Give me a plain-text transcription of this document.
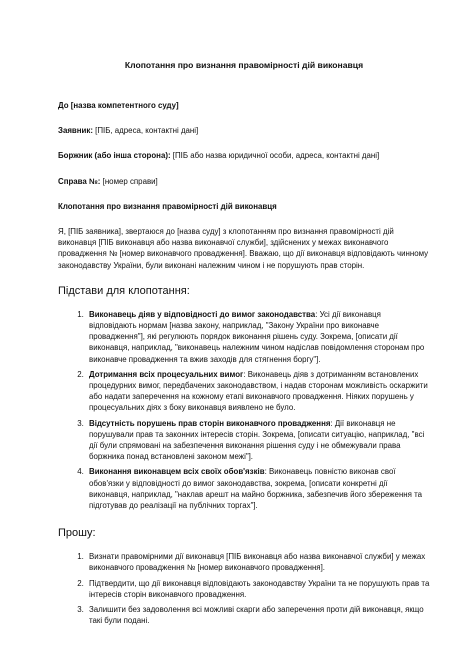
Клопотання про визнання правомірності дій виконавця

До [назва компетентного суду]

Заявник: [ПІБ, адреса, контактні дані]

Боржник (або інша сторона): [ПІБ або назва юридичної особи, адреса, контактні дані]

Справа №: [номер справи]

Клопотання про визнання правомірності дій виконавця

Я, [ПІБ заявника], звертаюся до [назва суду] з клопотанням про визнання правомірності дій виконавця [ПІБ виконавця або назва виконавчої служби], здійснених у межах виконавчого провадження № [номер виконавчого провадження]. Вважаю, що дії виконавця відповідають чинному законодавству України, були виконані належним чином і не порушують прав сторін.

Підстави для клопотання:
1. Виконавець діяв у відповідності до вимог законодавства: Усі дії виконавця відповідають нормам [назва закону, наприклад, "Закону України про виконавче провадження"], які регулюють порядок виконання рішень суду. Зокрема, [описати дії виконавця, наприклад, "виконавець належним чином надіслав повідомлення сторонам про виконавче провадження та вжив заходів для стягнення боргу"].
2. Дотримання всіх процесуальних вимог: Виконавець діяв з дотриманням встановлених процедурних вимог, передбачених законодавством, і надав сторонам можливість оскаржити або надати заперечення на кожному етапі виконавчого провадження. Ніяких порушень у процесуальних діях з боку виконавця виявлено не було.
3. Відсутність порушень прав сторін виконавчого провадження: Дії виконавця не порушували прав та законних інтересів сторін. Зокрема, [описати ситуацію, наприклад, "всі дії були спрямовані на забезпечення виконання рішення суду і не обмежували права боржника понад встановлені законом межі"].
4. Виконання виконавцем всіх своїх обов'язків: Виконавець повністю виконав свої обов'язки у відповідності до вимог законодавства, зокрема, [описати конкретні дії виконавця, наприклад, "наклав арешт на майно боржника, забезпечив його збереження та підготував до реалізації на публічних торгах"].
Прошу:
1. Визнати правомірними дії виконавця [ПІБ виконавця або назва виконавчої служби] у межах виконавчого провадження № [номер виконавчого провадження].
2. Підтвердити, що дії виконавця відповідають законодавству України та не порушують прав та інтересів сторін виконавчого провадження.
3. Залишити без задоволення всі можливі скарги або заперечення проти дій виконавця, якщо такі були подані.
